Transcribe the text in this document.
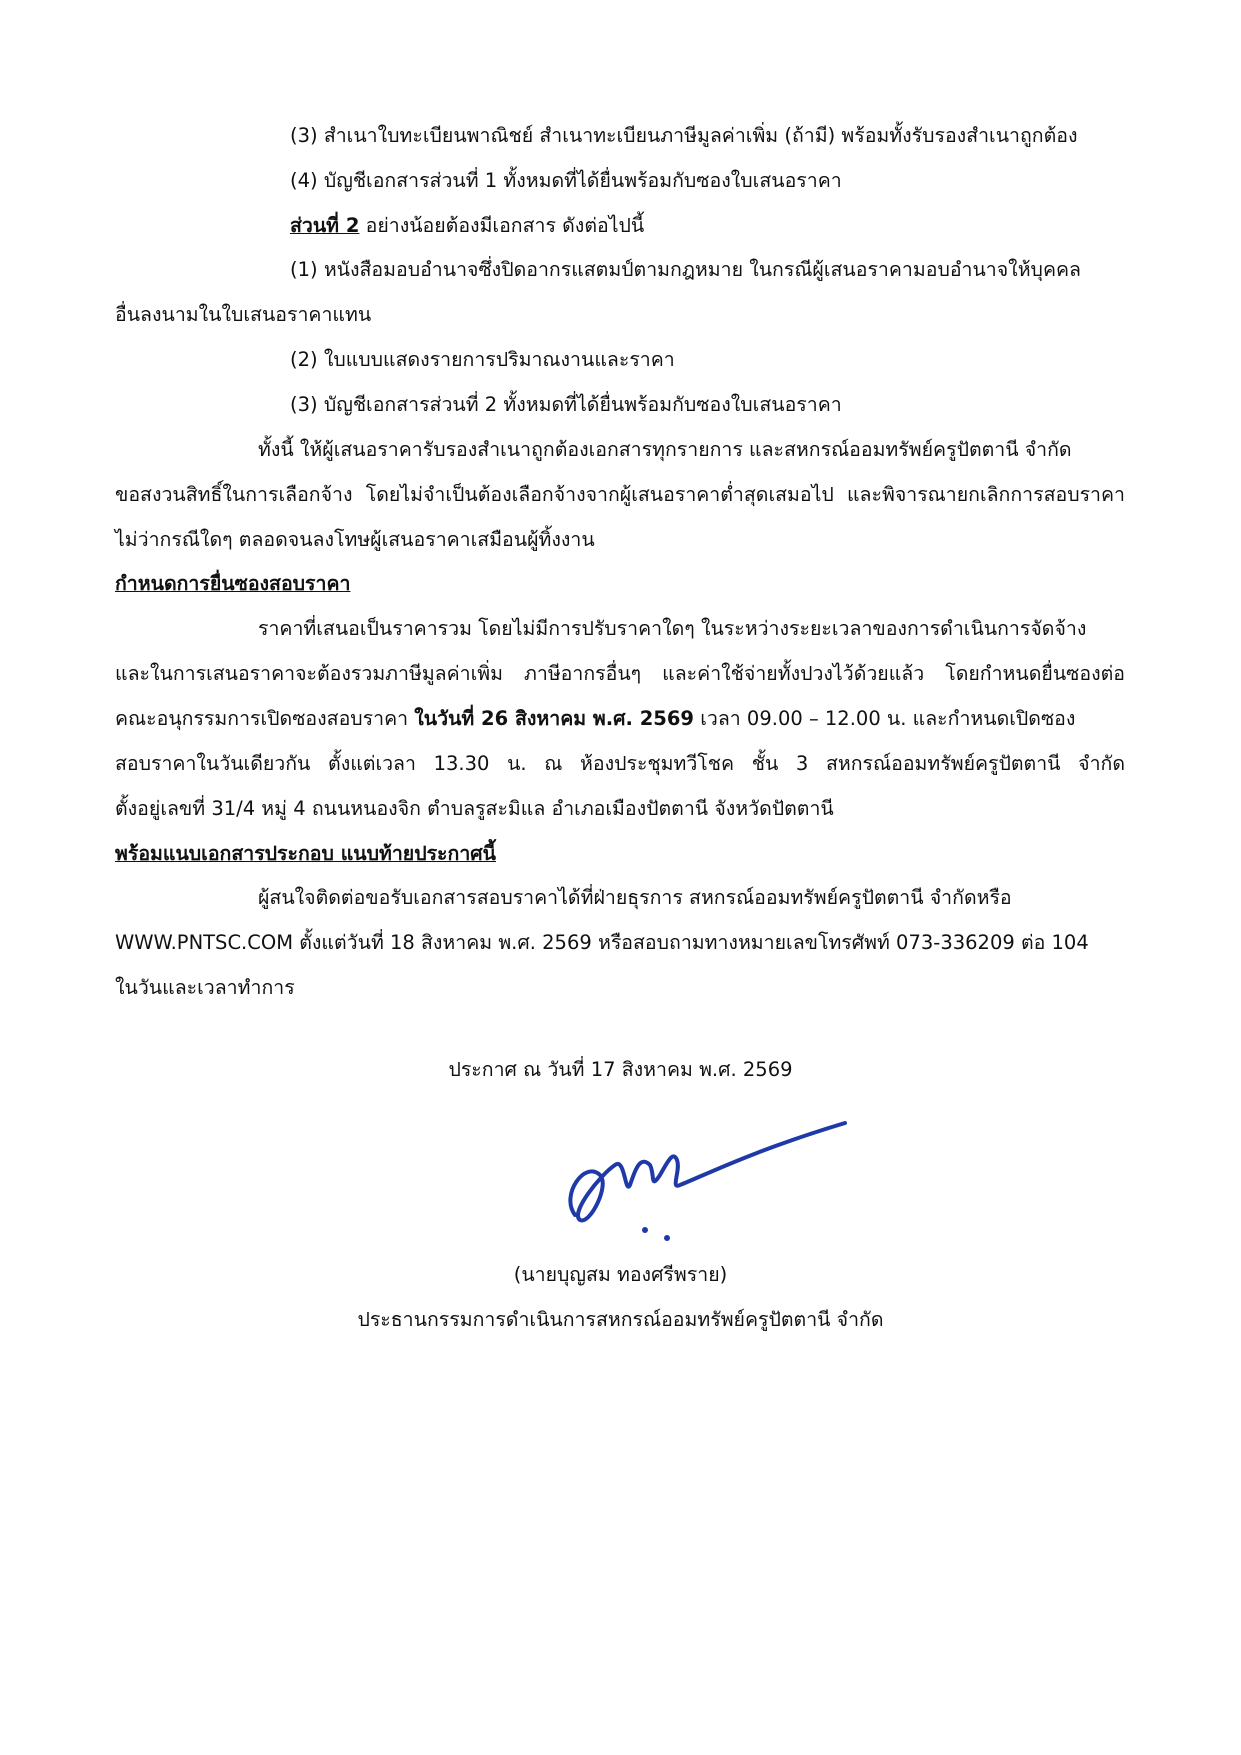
(3) สำเนาใบทะเบียนพาณิชย์ สำเนาทะเบียนภาษีมูลค่าเพิ่ม (ถ้ามี) พร้อมทั้งรับรองสำเนาถูกต้อง
(4) บัญชีเอกสารส่วนที่ 1 ทั้งหมดที่ได้ยื่นพร้อมกับซองใบเสนอราคา
ส่วนที่ 2 อย่างน้อยต้องมีเอกสาร ดังต่อไปนี้
(1) หนังสือมอบอำนาจซึ่งปิดอากรแสตมป์ตามกฎหมาย ในกรณีผู้เสนอราคามอบอำนาจให้บุคคล
อื่นลงนามในใบเสนอราคาแทน
(2) ใบแบบแสดงรายการปริมาณงานและราคา
(3) บัญชีเอกสารส่วนที่ 2 ทั้งหมดที่ได้ยื่นพร้อมกับซองใบเสนอราคา
ทั้งนี้ ให้ผู้เสนอราคารับรองสำเนาถูกต้องเอกสารทุกรายการ และสหกรณ์ออมทรัพย์ครูปัตตานี จำกัด
ขอสงวนสิทธิ์ในการเลือกจ้าง โดยไม่จำเป็นต้องเลือกจ้างจากผู้เสนอราคาต่ำสุดเสมอไป และพิจารณายกเลิกการสอบราคา
ไม่ว่ากรณีใดๆ ตลอดจนลงโทษผู้เสนอราคาเสมือนผู้ทิ้งงาน
กำหนดการยื่นซองสอบราคา
ราคาที่เสนอเป็นราคารวม โดยไม่มีการปรับราคาใดๆ ในระหว่างระยะเวลาของการดำเนินการจัดจ้าง
และในการเสนอราคาจะต้องรวมภาษีมูลค่าเพิ่ม ภาษีอากรอื่นๆ และค่าใช้จ่ายทั้งปวงไว้ด้วยแล้ว โดยกำหนดยื่นซองต่อ
คณะอนุกรรมการเปิดซองสอบราคา ในวันที่ 26 สิงหาคม พ.ศ. 2569 เวลา 09.00 – 12.00 น. และกำหนดเปิดซอง
สอบราคาในวันเดียวกัน ตั้งแต่เวลา 13.30 น. ณ ห้องประชุมทวีโชค ชั้น 3 สหกรณ์ออมทรัพย์ครูปัตตานี จำกัด
ตั้งอยู่เลขที่ 31/4 หมู่ 4 ถนนหนองจิก ตำบลรูสะมิแล อำเภอเมืองปัตตานี จังหวัดปัตตานี
พร้อมแนบเอกสารประกอบ แนบท้ายประกาศนี้
ผู้สนใจติดต่อขอรับเอกสารสอบราคาได้ที่ฝ่ายธุรการ สหกรณ์ออมทรัพย์ครูปัตตานี จำกัดหรือ
WWW.PNTSC.COM ตั้งแต่วันที่ 18 สิงหาคม พ.ศ. 2569 หรือสอบถามทางหมายเลขโทรศัพท์ 073-336209 ต่อ 104
ในวันและเวลาทำการ
ประกาศ ณ วันที่ 17 สิงหาคม พ.ศ. 2569
(นายบุญสม ทองศรีพราย)
ประธานกรรมการดำเนินการสหกรณ์ออมทรัพย์ครูปัตตานี จำกัด
